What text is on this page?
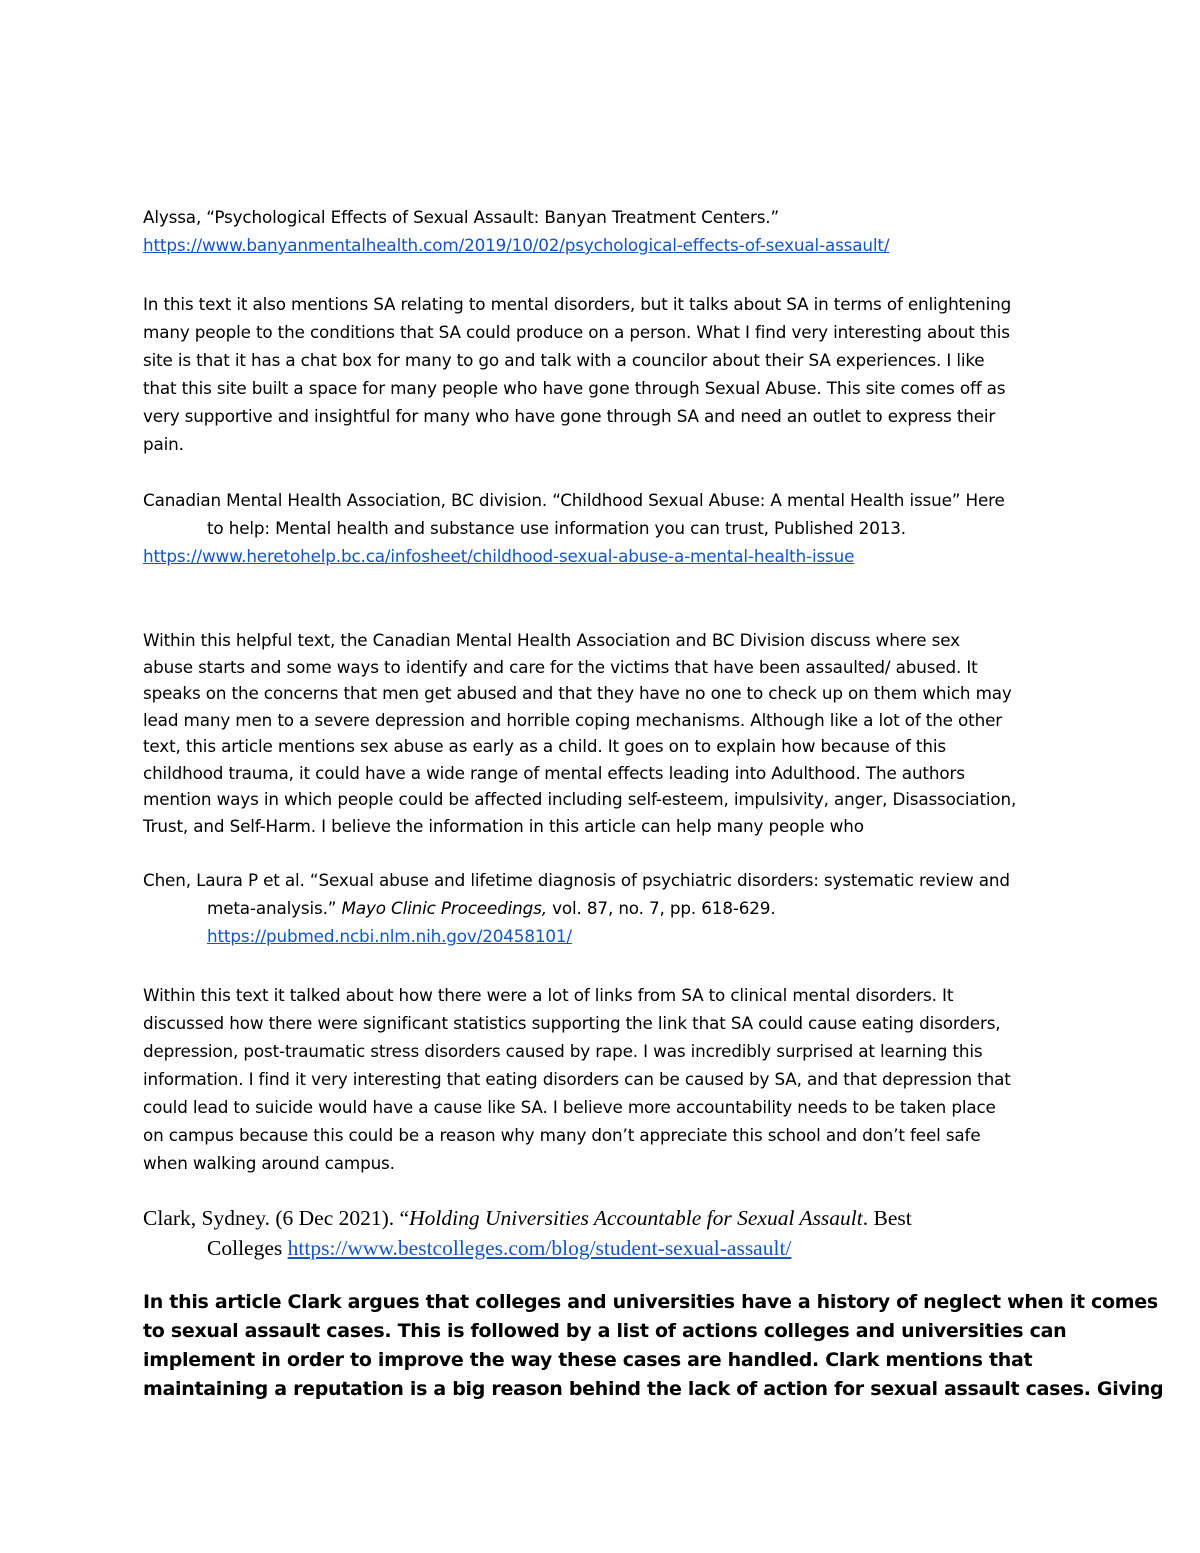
Alyssa, “Psychological Effects of Sexual Assault: Banyan Treatment Centers.”
https://www.banyanmentalhealth.com/2019/10/02/psychological-effects-of-sexual-assault/
In this text it also mentions SA relating to mental disorders, but it talks about SA in terms of enlightening
many people to the conditions that SA could produce on a person. What I find very interesting about this
site is that it has a chat box for many to go and talk with a councilor about their SA experiences. I like
that this site built a space for many people who have gone through Sexual Abuse. This site comes off as
very supportive and insightful for many who have gone through SA and need an outlet to express their
pain.
Canadian Mental Health Association, BC division. “Childhood Sexual Abuse: A mental Health issue” Here
to help: Mental health and substance use information you can trust, Published 2013.
https://www.heretohelp.bc.ca/infosheet/childhood-sexual-abuse-a-mental-health-issue
Within this helpful text, the Canadian Mental Health Association and BC Division discuss where sex
abuse starts and some ways to identify and care for the victims that have been assaulted/ abused. It
speaks on the concerns that men get abused and that they have no one to check up on them which may
lead many men to a severe depression and horrible coping mechanisms. Although like a lot of the other
text, this article mentions sex abuse as early as a child. It goes on to explain how because of this
childhood trauma, it could have a wide range of mental effects leading into Adulthood. The authors
mention ways in which people could be affected including self-esteem, impulsivity, anger, Disassociation,
Trust, and Self-Harm. I believe the information in this article can help many people who
Chen, Laura P et al. “Sexual abuse and lifetime diagnosis of psychiatric disorders: systematic review and
meta-analysis.” Mayo Clinic Proceedings, vol. 87, no. 7, pp. 618-629.
https://pubmed.ncbi.nlm.nih.gov/20458101/
Within this text it talked about how there were a lot of links from SA to clinical mental disorders. It
discussed how there were significant statistics supporting the link that SA could cause eating disorders,
depression, post-traumatic stress disorders caused by rape. I was incredibly surprised at learning this
information. I find it very interesting that eating disorders can be caused by SA, and that depression that
could lead to suicide would have a cause like SA. I believe more accountability needs to be taken place
on campus because this could be a reason why many don’t appreciate this school and don’t feel safe
when walking around campus.
Clark, Sydney. (6 Dec 2021). “Holding Universities Accountable for Sexual Assault. Best
Colleges https://www.bestcolleges.com/blog/student-sexual-assault/
In this article Clark argues that colleges and universities have a history of neglect when it comes
to sexual assault cases. This is followed by a list of actions colleges and universities can
implement in order to improve the way these cases are handled. Clark mentions that
maintaining a reputation is a big reason behind the lack of action for sexual assault cases. Giving
